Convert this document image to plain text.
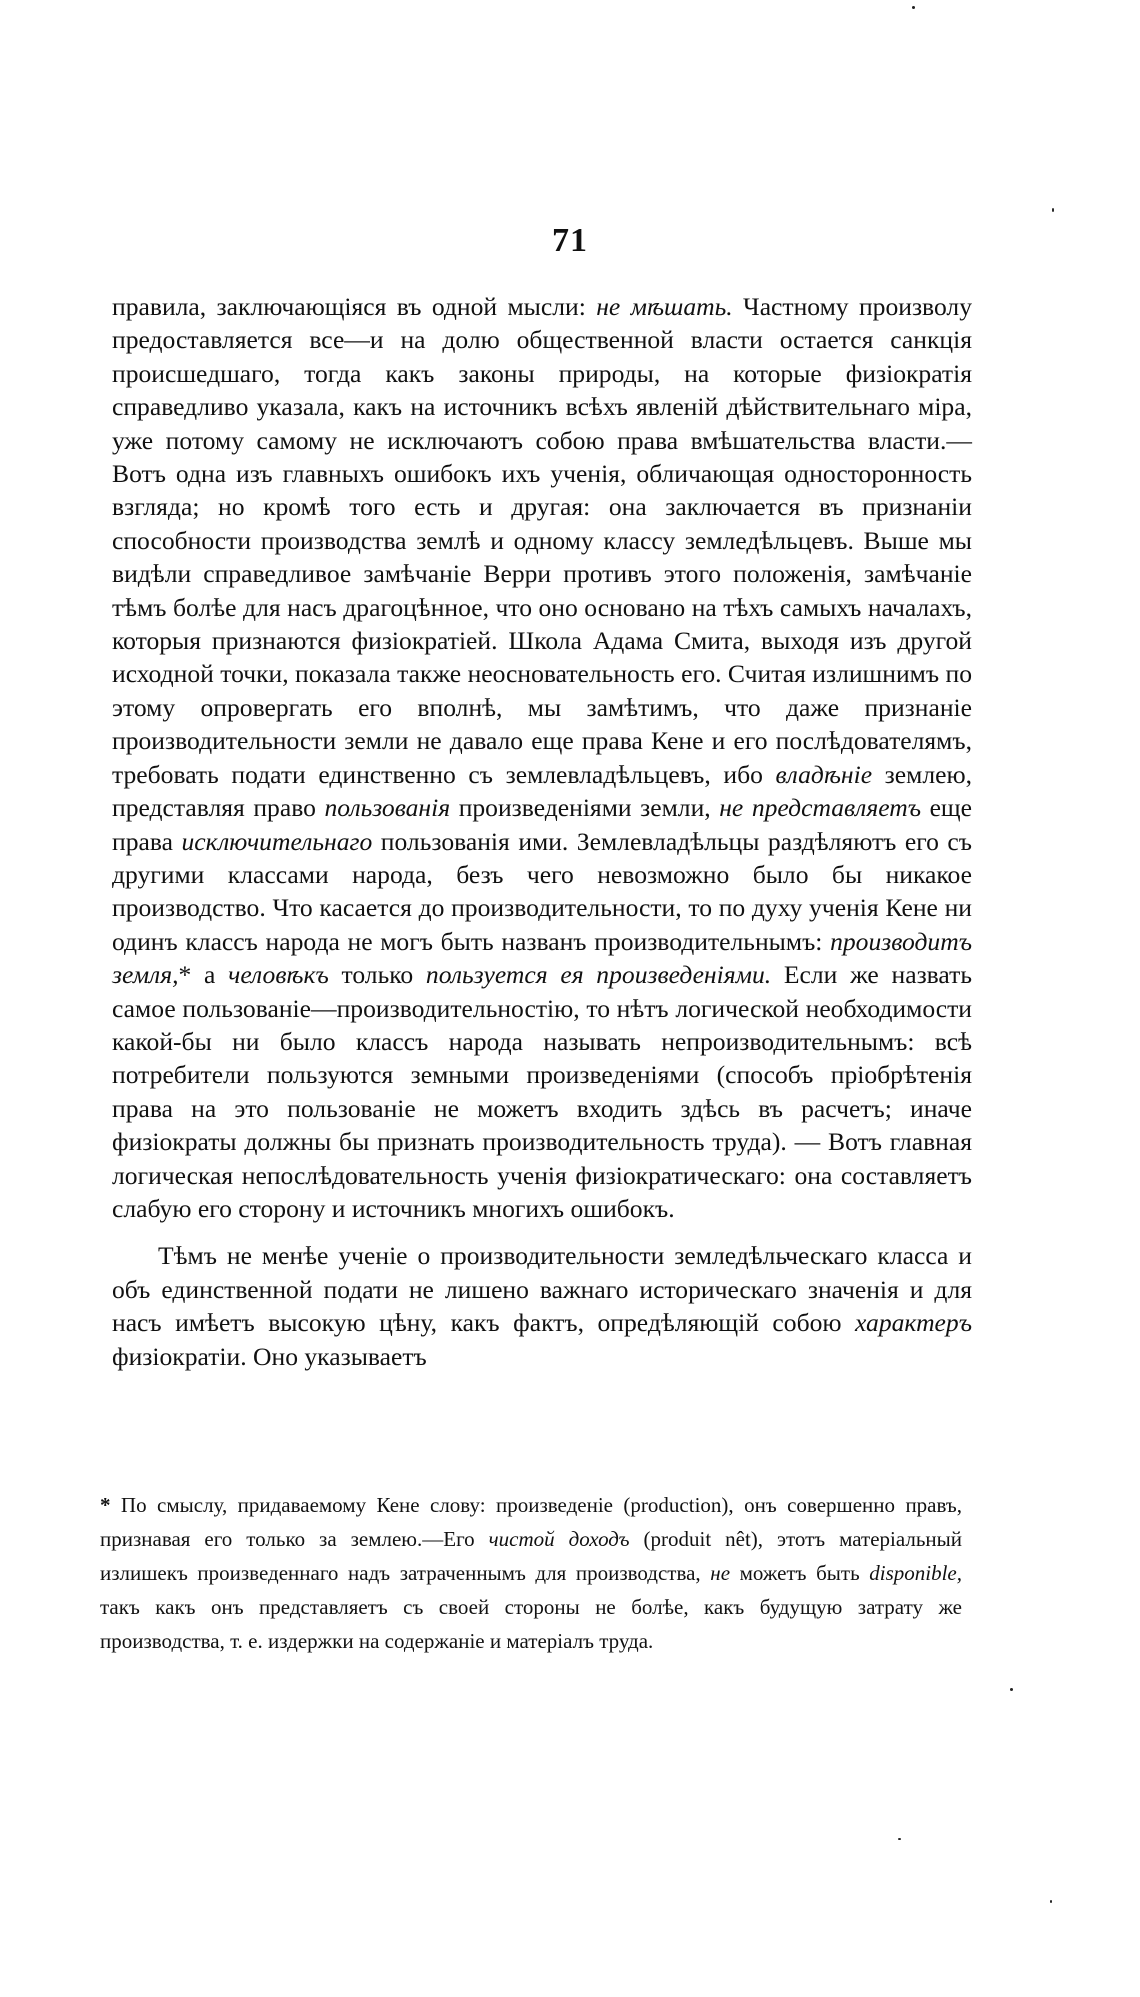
71

правила, заключающіяся въ одной мысли: не мѣшать. Частному произволу предоставляется все—и на долю общественной власти остается санкція происшедшаго, тогда какъ законы природы, на которые физіократія справедливо указала, какъ на источникъ всѣхъ явленій дѣйствительнаго міра, уже потому самому не исключаютъ собою права вмѣшательства власти.—Вотъ одна изъ главныхъ ошибокъ ихъ ученія, обличающая односторонность взгляда; но кромѣ того есть и другая: она заключается въ признаніи способности производства землѣ и одному классу земледѣльцевъ. Выше мы видѣли справедливое замѣчаніе Верри противъ этого положенія, замѣчаніе тѣмъ болѣе для насъ драгоцѣнное, что оно основано на тѣхъ самыхъ началахъ, которыя признаются физіократіей. Школа Адама Смита, выходя изъ другой исходной точки, показала также неосновательность его. Считая излишнимъ по этому опровергать его вполнѣ, мы замѣтимъ, что даже признаніе производительности земли не давало еще права Кене и его послѣдователямъ, требовать подати единственно съ землевладѣльцевъ, ибо владѣніе землею, представляя право пользованія произведеніями земли, не представляетъ еще права исключительнаго пользованія ими. Землевладѣльцы раздѣляютъ его съ другими классами народа, безъ чего невозможно было бы никакое производство. Что касается до производительности, то по духу ученія Кене ни одинъ классъ народа не могъ быть названъ производительнымъ: производитъ земля,* а человѣкъ только пользуется ея произведеніями. Если же назвать самое пользованіе—производительностію, то нѣтъ логической необходимости какой-бы ни было классъ народа называть непроизводительнымъ: всѣ потребители пользуются земными произведеніями (способъ пріобрѣтенія права на это пользованіе не можетъ входить здѣсь въ расчетъ; иначе физіократы должны бы признать производительность труда). — Вотъ главная логическая непослѣдовательность ученія физіократическаго: она составляетъ слабую его сторону и источникъ многихъ ошибокъ.

Тѣмъ не менѣе ученіе о производительности земледѣльческаго класса и объ единственной подати не лишено важнаго историческаго значенія и для насъ имѣетъ высокую цѣну, какъ фактъ, опредѣляющій собою характеръ физіократіи. Оно указываетъ

* По смыслу, придаваемому Кене слову: произведеніе (production), онъ совершенно правъ, признавая его только за землею.—Его чистой доходъ (produit nêt), этотъ матеріальный излишекъ произведеннаго надъ затраченнымъ для производства, не можетъ быть disponible, такъ какъ онъ представляетъ съ своей стороны не болѣе, какъ будущую затрату же производства, т. е. издержки на содержаніе и матеріалъ труда.
